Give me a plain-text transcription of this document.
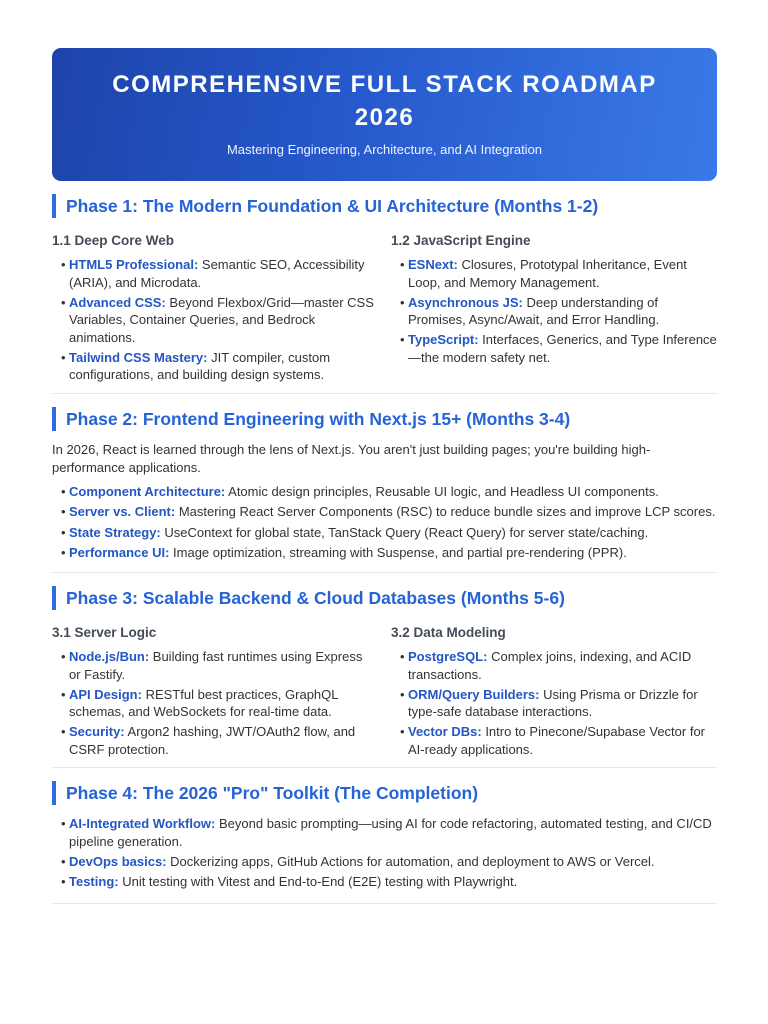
COMPREHENSIVE FULL STACK ROADMAP 2026
Mastering Engineering, Architecture, and AI Integration
Phase 1: The Modern Foundation & UI Architecture (Months 1-2)
1.1 Deep Core Web
• HTML5 Professional: Semantic SEO, Accessibility (ARIA), and Microdata.
• Advanced CSS: Beyond Flexbox/Grid—master CSS Variables, Container Queries, and Bedrock animations.
• Tailwind CSS Mastery: JIT compiler, custom configurations, and building design systems.
1.2 JavaScript Engine
• ESNext: Closures, Prototypal Inheritance, Event Loop, and Memory Management.
• Asynchronous JS: Deep understanding of Promises, Async/Await, and Error Handling.
• TypeScript: Interfaces, Generics, and Type Inference—the modern safety net.
Phase 2: Frontend Engineering with Next.js 15+ (Months 3-4)

In 2026, React is learned through the lens of Next.js. You aren't just building pages; you're building high-performance applications.

• Component Architecture: Atomic design principles, Reusable UI logic, and Headless UI components.
• Server vs. Client: Mastering React Server Components (RSC) to reduce bundle sizes and improve LCP scores.
• State Strategy: UseContext for global state, TanStack Query (React Query) for server state/caching.
• Performance UI: Image optimization, streaming with Suspense, and partial pre-rendering (PPR).
Phase 3: Scalable Backend & Cloud Databases (Months 5-6)
3.1 Server Logic
• Node.js/Bun: Building fast runtimes using Express or Fastify.
• API Design: RESTful best practices, GraphQL schemas, and WebSockets for real-time data.
• Security: Argon2 hashing, JWT/OAuth2 flow, and CSRF protection.
3.2 Data Modeling
• PostgreSQL: Complex joins, indexing, and ACID transactions.
• ORM/Query Builders: Using Prisma or Drizzle for type-safe database interactions.
• Vector DBs: Intro to Pinecone/Supabase Vector for AI-ready applications.
Phase 4: The 2026 "Pro" Toolkit (The Completion)
• AI-Integrated Workflow: Beyond basic prompting—using AI for code refactoring, automated testing, and CI/CD pipeline generation.
• DevOps basics: Dockerizing apps, GitHub Actions for automation, and deployment to AWS or Vercel.
• Testing: Unit testing with Vitest and End-to-End (E2E) testing with Playwright.
